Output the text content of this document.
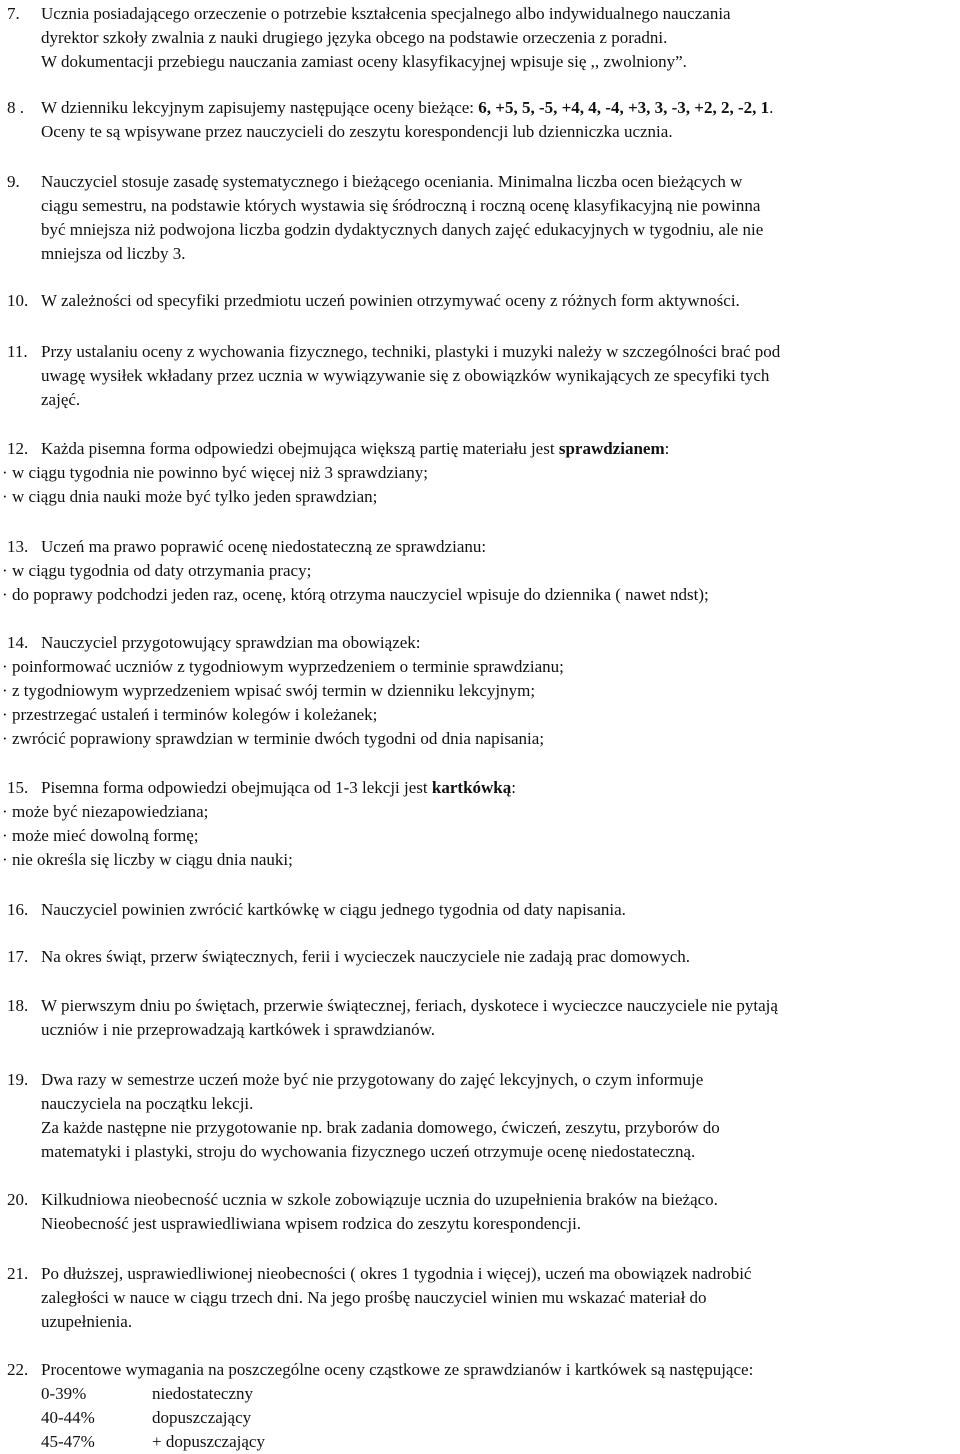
7. Ucznia posiadającego orzeczenie o potrzebie kształcenia specjalnego albo indywidualnego nauczania
dyrektor szkoły zwalnia z nauki drugiego języka obcego na podstawie orzeczenia z poradni.
W dokumentacji przebiegu nauczania zamiast oceny klasyfikacyjnej wpisuje się ,, zwolniony”.
8 . W dzienniku lekcyjnym zapisujemy następujące oceny bieżące: 6, +5, 5, -5, +4, 4, -4, +3, 3, -3, +2, 2, -2, 1.
Oceny te są wpisywane przez nauczycieli do zeszytu korespondencji lub dzienniczka ucznia.
9. Nauczyciel stosuje zasadę systematycznego i bieżącego oceniania. Minimalna liczba ocen bieżących w
ciągu semestru, na podstawie których wystawia się śródroczną i roczną ocenę klasyfikacyjną nie powinna
być mniejsza niż podwojona liczba godzin dydaktycznych danych zajęć edukacyjnych w tygodniu, ale nie
mniejsza od liczby 3.
10. W zależności od specyfiki przedmiotu uczeń powinien otrzymywać oceny z różnych form aktywności.
11. Przy ustalaniu oceny z wychowania fizycznego, techniki, plastyki i muzyki należy w szczególności brać pod
uwagę wysiłek wkładany przez ucznia w wywiązywanie się z obowiązków wynikających ze specyfiki tych
zajęć.
12. Każda pisemna forma odpowiedzi obejmująca większą partię materiału jest sprawdzianem:
· w ciągu tygodnia nie powinno być więcej niż 3 sprawdziany;
· w ciągu dnia nauki może być tylko jeden sprawdzian;
13. Uczeń ma prawo poprawić ocenę niedostateczną ze sprawdzianu:
· w ciągu tygodnia od daty otrzymania pracy;
· do poprawy podchodzi jeden raz, ocenę, którą otrzyma nauczyciel wpisuje do dziennika ( nawet ndst);
14. Nauczyciel przygotowujący sprawdzian ma obowiązek:
· poinformować uczniów z tygodniowym wyprzedzeniem o terminie sprawdzianu;
· z tygodniowym wyprzedzeniem wpisać swój termin w dzienniku lekcyjnym;
· przestrzegać ustaleń i terminów kolegów i koleżanek;
· zwrócić poprawiony sprawdzian w terminie dwóch tygodni od dnia napisania;
15. Pisemna forma odpowiedzi obejmująca od 1-3 lekcji jest kartkówką:
· może być niezapowiedziana;
· może mieć dowolną formę;
· nie określa się liczby w ciągu dnia nauki;
16. Nauczyciel powinien zwrócić kartkówkę w ciągu jednego tygodnia od daty napisania.
17. Na okres świąt, przerw świątecznych, ferii i wycieczek nauczyciele nie zadają prac domowych.
18. W pierwszym dniu po świętach, przerwie świątecznej, feriach, dyskotece i wycieczce nauczyciele nie pytają
uczniów i nie przeprowadzają kartkówek i sprawdzianów.
19. Dwa razy w semestrze uczeń może być nie przygotowany do zajęć lekcyjnych, o czym informuje
nauczyciela na początku lekcji.
Za każde następne nie przygotowanie np. brak zadania domowego, ćwiczeń, zeszytu, przyborów do
matematyki i plastyki, stroju do wychowania fizycznego uczeń otrzymuje ocenę niedostateczną.
20. Kilkudniowa nieobecność ucznia w szkole zobowiązuje ucznia do uzupełnienia braków na bieżąco.
Nieobecność jest usprawiedliwiana wpisem rodzica do zeszytu korespondencji.
21. Po dłuższej, usprawiedliwionej nieobecności ( okres 1 tygodnia i więcej), uczeń ma obowiązek nadrobić
zaległości w nauce w ciągu trzech dni. Na jego prośbę nauczyciel winien mu wskazać materiał do
uzupełnienia.
22. Procentowe wymagania na poszczególne oceny cząstkowe ze sprawdzianów i kartkówek są następujące:
0-39%	niedostateczny
40-44%	dopuszczający
45-47%	+ dopuszczający
